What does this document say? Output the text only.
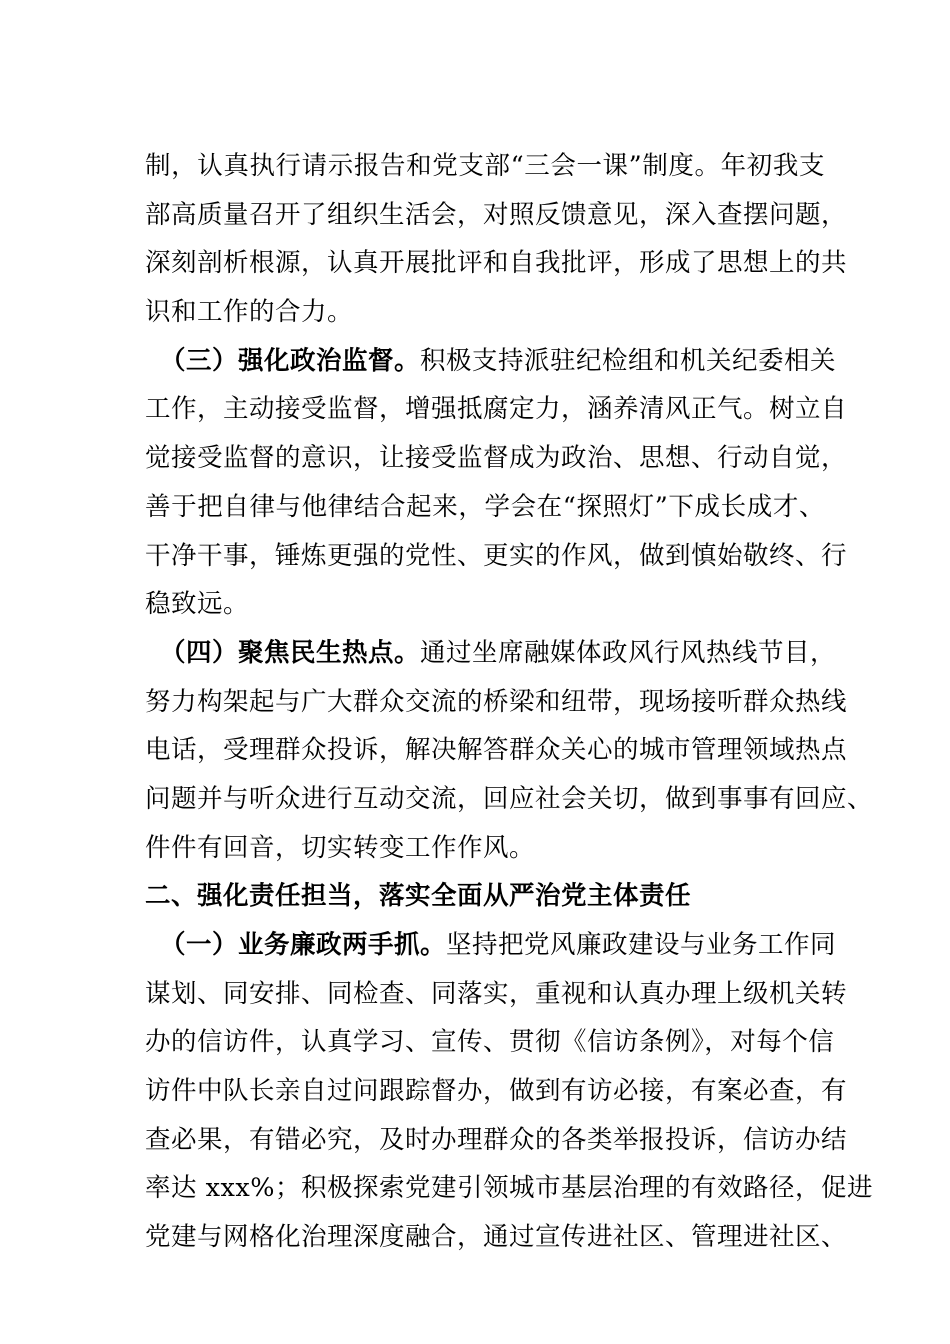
制，认真执行请示报告和党支部“三会一课”制度。年初我支
部高质量召开了组织生活会，对照反馈意见，深入查摆问题，
深刻剖析根源，认真开展批评和自我批评，形成了思想上的共
识和工作的合力。
（三）强化政治监督。积极支持派驻纪检组和机关纪委相关
工作，主动接受监督，增强抵腐定力，涵养清风正气。树立自
觉接受监督的意识，让接受监督成为政治、思想、行动自觉，
善于把自律与他律结合起来，学会在“探照灯”下成长成才、
干净干事，锤炼更强的党性、更实的作风，做到慎始敬终、行
稳致远。
（四）聚焦民生热点。通过坐席融媒体政风行风热线节目，
努力构架起与广大群众交流的桥梁和纽带，现场接听群众热线
电话，受理群众投诉，解决解答群众关心的城市管理领域热点
问题并与听众进行互动交流，回应社会关切，做到事事有回应、
件件有回音，切实转变工作作风。
二、强化责任担当，落实全面从严治党主体责任
（一）业务廉政两手抓。坚持把党风廉政建设与业务工作同
谋划、同安排、同检查、同落实，重视和认真办理上级机关转
办的信访件，认真学习、宣传、贯彻《信访条例》，对每个信
访件中队长亲自过问跟踪督办，做到有访必接，有案必查，有
查必果，有错必究，及时办理群众的各类举报投诉，信访办结
率达 xxx%；积极探索党建引领城市基层治理的有效路径，促进
党建与网格化治理深度融合，通过宣传进社区、管理进社区、
